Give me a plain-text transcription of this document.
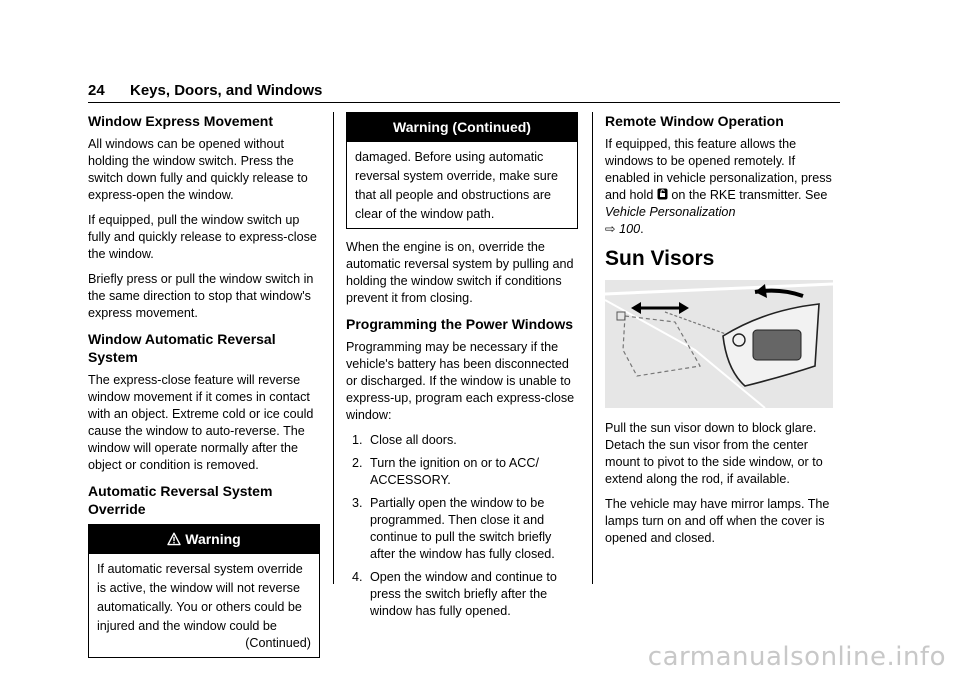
24 Keys, Doors, and Windows
Window Express Movement

All windows can be opened without holding the window switch. Press the switch down fully and quickly release to express-open the window.

If equipped, pull the window switch up fully and quickly release to express-close the window.

Briefly press or pull the window switch in the same direction to stop that window's express movement.

Window Automatic Reversal System

The express-close feature will reverse window movement if it comes in contact with an object. Extreme cold or ice could cause the window to auto-reverse. The window will operate normally after the object or condition is removed.

Automatic Reversal System Override
Warning
If automatic reversal system override is active, the window will not reverse automatically. You or others could be injured and the window could be
(Continued)
Warning (Continued)
damaged. Before using automatic reversal system override, make sure that all people and obstructions are clear of the window path.

When the engine is on, override the automatic reversal system by pulling and holding the window switch if conditions prevent it from closing.

Programming the Power Windows

Programming may be necessary if the vehicle's battery has been disconnected or discharged. If the window is unable to express-up, program each express-close window:

1. Close all doors.
2. Turn the ignition on or to ACC/ ACCESSORY.
3. Partially open the window to be programmed. Then close it and continue to pull the switch briefly after the window has fully closed.
4. Open the window and continue to press the switch briefly after the window has fully opened.
Remote Window Operation

If equipped, this feature allows the windows to be opened remotely. If enabled in vehicle personalization, press and hold  on the RKE transmitter. See Vehicle Personalization
⇨ 100.

Sun Visors

Pull the sun visor down to block glare. Detach the sun visor from the center mount to pivot to the side window, or to extend along the rod, if available.

The vehicle may have mirror lamps. The lamps turn on and off when the cover is opened and closed.

carmanualsonline.info
